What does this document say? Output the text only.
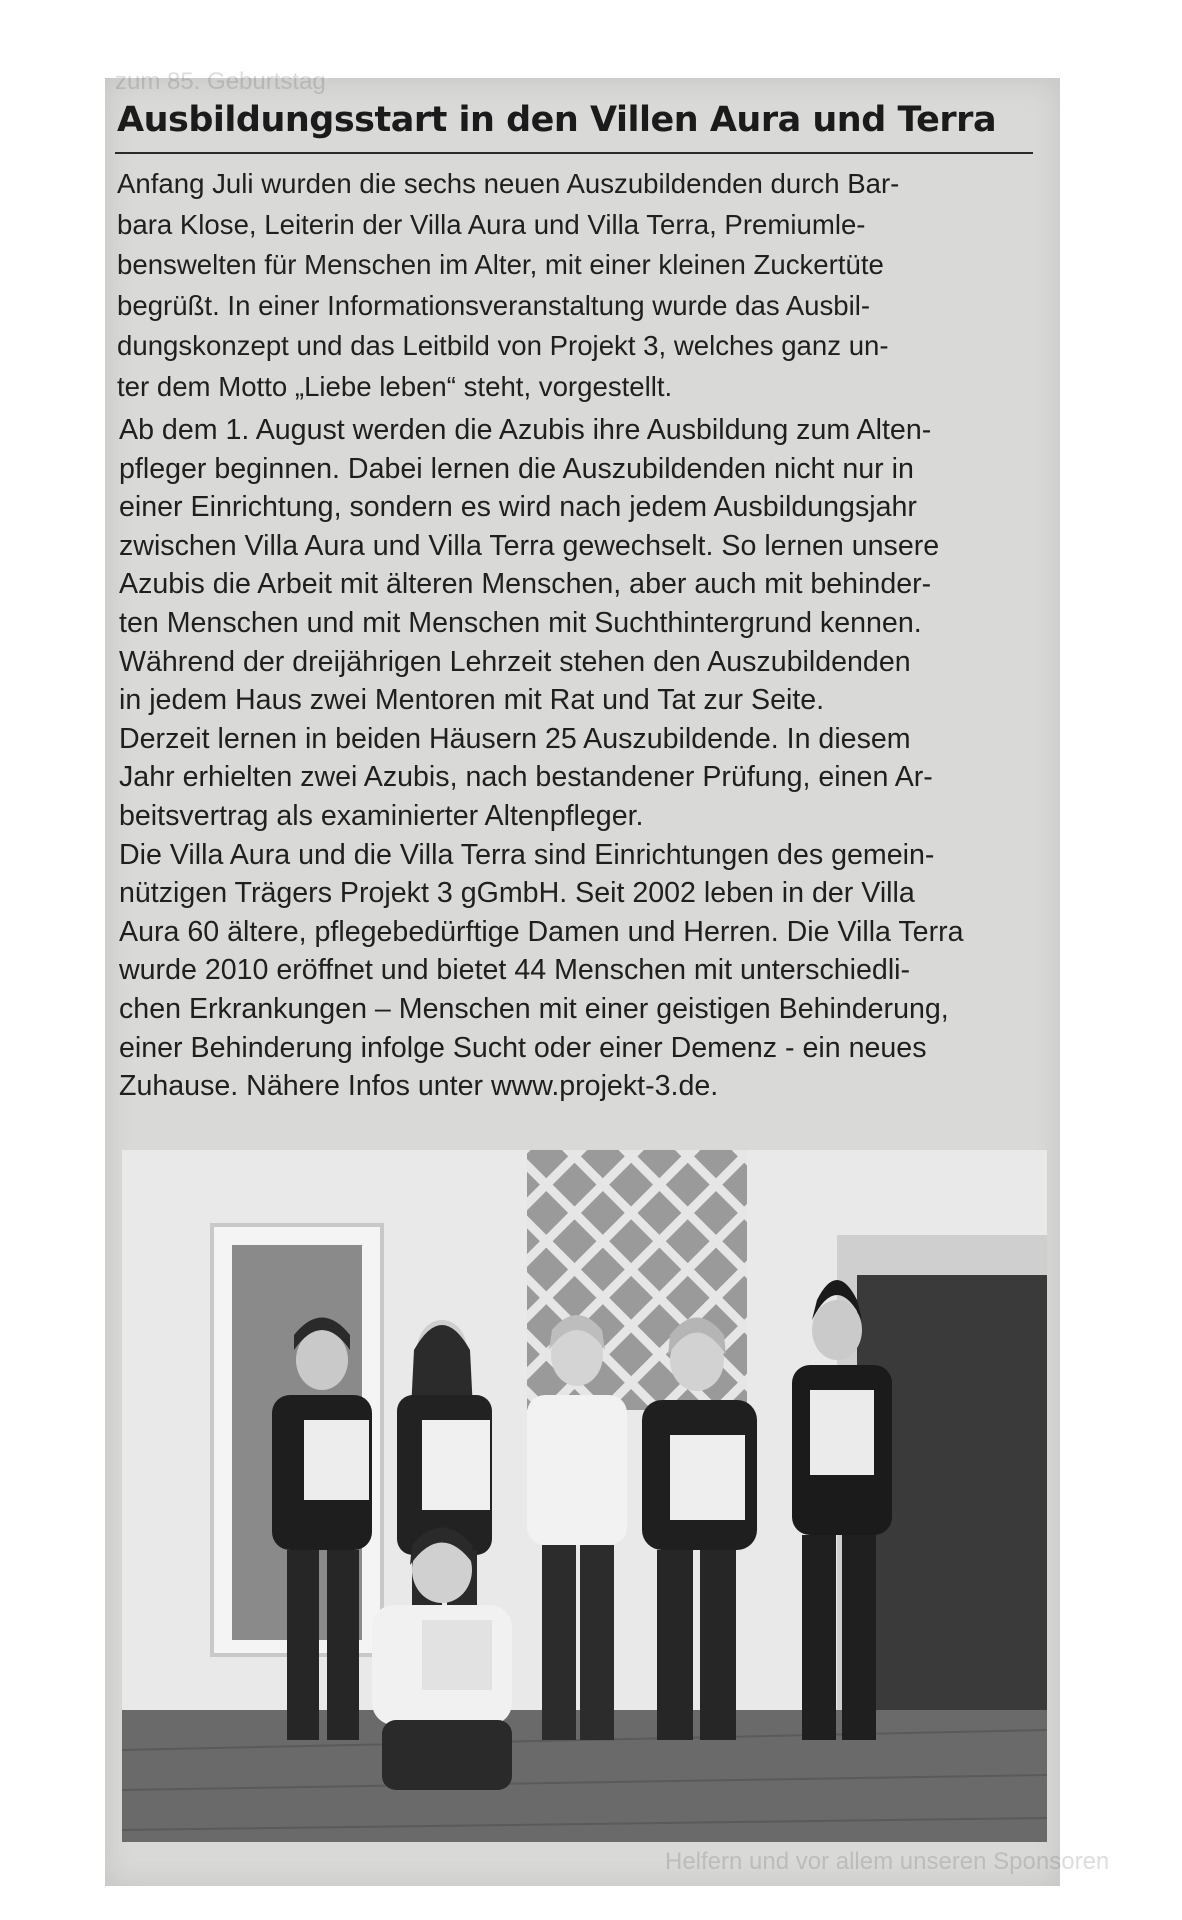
zum 85. Geburtstag
Helfern und vor allem unseren Sponsoren
Ausbildungsstart in den Villen Aura und Terra

Anfang Juli wurden die sechs neuen Auszubildenden durch Bar-
bara Klose, Leiterin der Villa Aura und Villa Terra, Premiumle-
benswelten für Menschen im Alter, mit einer kleinen Zuckertüte
begrüßt. In einer Informationsveranstaltung wurde das Ausbil-
dungskonzept und das Leitbild von Projekt 3, welches ganz un-
ter dem Motto „Liebe leben“ steht, vorgestellt.

Ab dem 1. August werden die Azubis ihre Ausbildung zum Alten-
pfleger beginnen. Dabei lernen die Auszubildenden nicht nur in
einer Einrichtung, sondern es wird nach jedem Ausbildungsjahr
zwischen Villa Aura und Villa Terra gewechselt. So lernen unsere
Azubis die Arbeit mit älteren Menschen, aber auch mit behinder-
ten Menschen und mit Menschen mit Suchthintergrund kennen.
Während der dreijährigen Lehrzeit stehen den Auszubildenden
in jedem Haus zwei Mentoren mit Rat und Tat zur Seite.
Derzeit lernen in beiden Häusern 25 Auszubildende. In diesem
Jahr erhielten zwei Azubis, nach bestandener Prüfung, einen Ar-
beitsvertrag als examinierter Altenpfleger.
Die Villa Aura und die Villa Terra sind Einrichtungen des gemein-
nützigen Trägers Projekt 3 gGmbH. Seit 2002 leben in der Villa
Aura 60 ältere, pflegebedürftige Damen und Herren. Die Villa Terra
wurde 2010 eröffnet und bietet 44 Menschen mit unterschiedli-
chen Erkrankungen – Menschen mit einer geistigen Behinderung,
einer Behinderung infolge Sucht oder einer Demenz - ein neues
Zuhause. Nähere Infos unter www.projekt-3.de.
